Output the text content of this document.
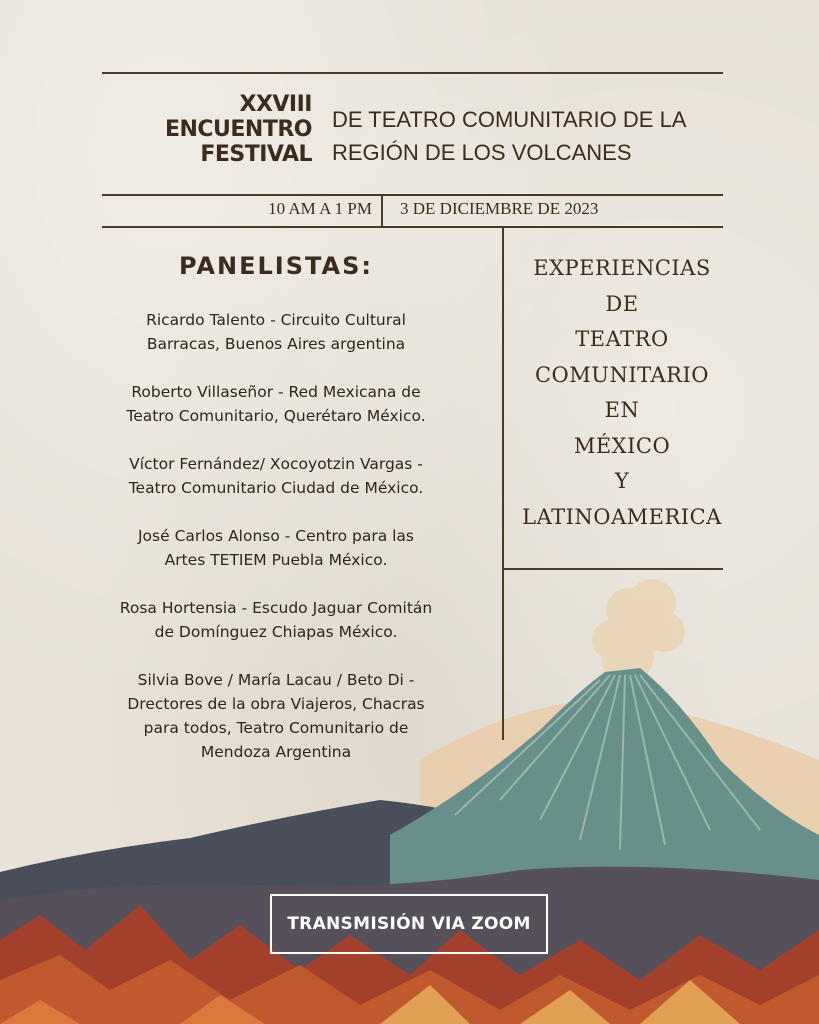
XXVIII
ENCUENTRO
FESTIVAL
DE TEATRO COMUNITARIO DE LA
REGIÓN DE LOS VOLCANES
10 AM A 1 PM 3 DE DICIEMBRE DE 2023
PANELISTAS:
Ricardo Talento - Circuito Cultural
Barracas, Buenos Aires argentina
Roberto Villaseñor - Red Mexicana de
Teatro Comunitario, Querétaro México.
Víctor Fernández/ Xocoyotzin Vargas -
Teatro Comunitario Ciudad de México.
José Carlos Alonso - Centro para las
Artes TETIEM Puebla México.
Rosa Hortensia - Escudo Jaguar Comitán
de Domínguez Chiapas México.
Silvia Bove / María Lacau / Beto Di -
Drectores de la obra Viajeros, Chacras
para todos, Teatro Comunitario de
Mendoza Argentina
EXPERIENCIAS
DE
TEATRO
COMUNITARIO
EN
MÉXICO
Y
LATINOAMERICA
TRANSMISIÓN VIA ZOOM
